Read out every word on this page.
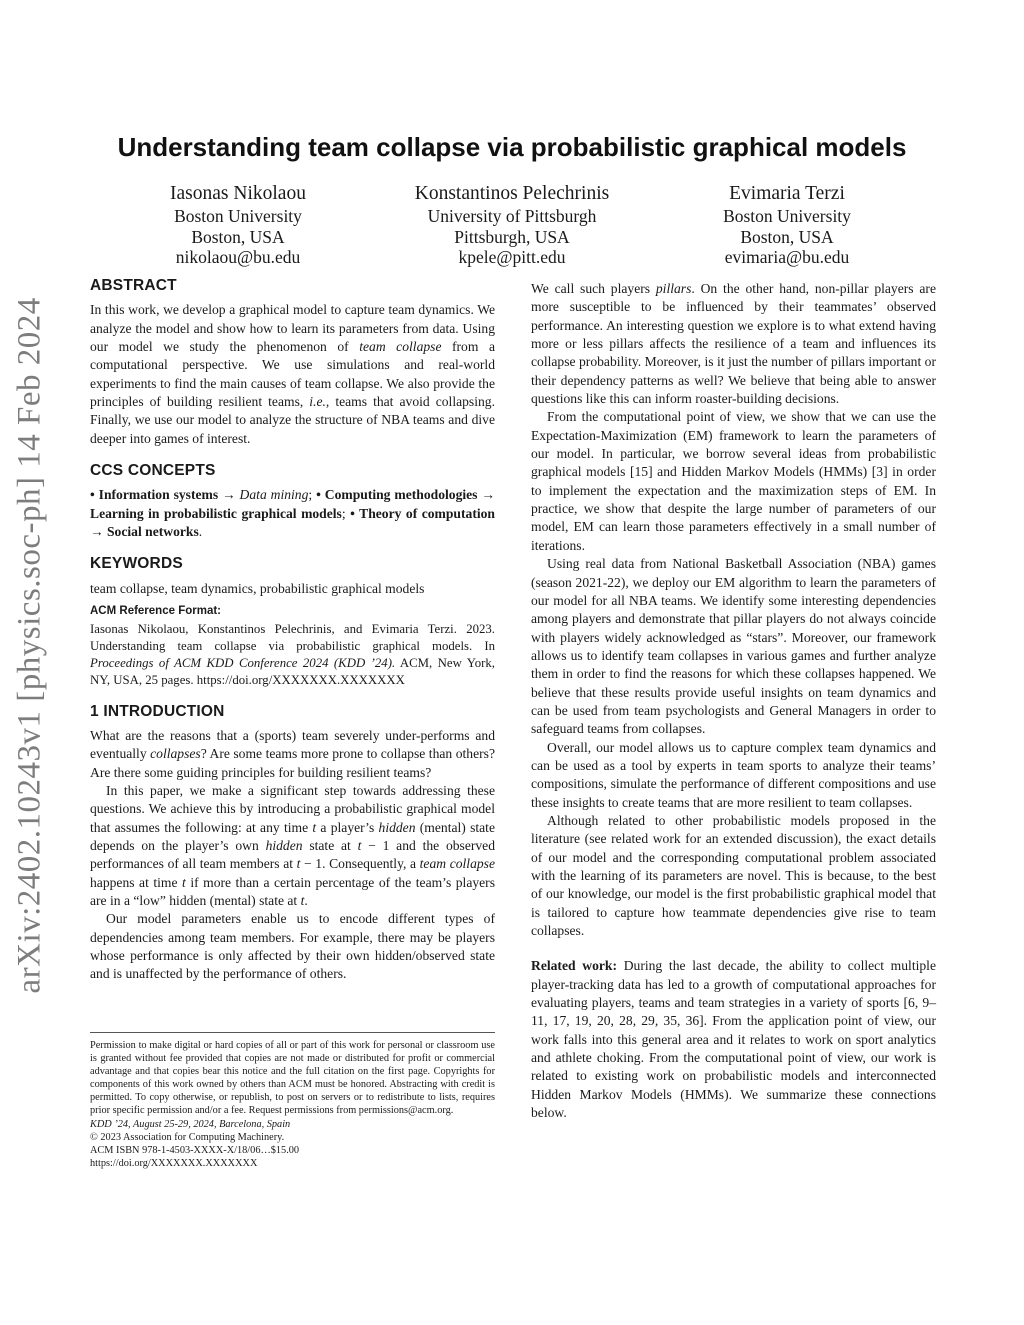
arXiv:2402.10243v1 [physics.soc-ph] 14 Feb 2024
Understanding team collapse via probabilistic graphical models
Iasonas Nikolaou
Boston University
Boston, USA
nikolaou@bu.edu
Konstantinos Pelechrinis
University of Pittsburgh
Pittsburgh, USA
kpele@pitt.edu
Evimaria Terzi
Boston University
Boston, USA
evimaria@bu.edu
ABSTRACT

In this work, we develop a graphical model to capture team dynamics. We analyze the model and show how to learn its parameters from data. Using our model we study the phenomenon of team collapse from a computational perspective. We use simulations and real-world experiments to find the main causes of team collapse. We also provide the principles of building resilient teams, i.e., teams that avoid collapsing. Finally, we use our model to analyze the structure of NBA teams and dive deeper into games of interest.

CCS CONCEPTS

• Information systems → Data mining; • Computing methodologies → Learning in probabilistic graphical models; • Theory of computation → Social networks.

KEYWORDS

team collapse, team dynamics, probabilistic graphical models

ACM Reference Format:

Iasonas Nikolaou, Konstantinos Pelechrinis, and Evimaria Terzi. 2023. Understanding team collapse via probabilistic graphical models. In Proceedings of ACM KDD Conference 2024 (KDD ’24). ACM, New York, NY, USA, 25 pages. https://doi.org/XXXXXXX.XXXXXXX

1 INTRODUCTION

What are the reasons that a (sports) team severely under-performs and eventually collapses? Are some teams more prone to collapse than others? Are there some guiding principles for building resilient teams?

In this paper, we make a significant step towards addressing these questions. We achieve this by introducing a probabilistic graphical model that assumes the following: at any time t a player’s hidden (mental) state depends on the player’s own hidden state at t − 1 and the observed performances of all team members at t − 1. Consequently, a team collapse happens at time t if more than a certain percentage of the team’s players are in a “low” hidden (mental) state at t.

Our model parameters enable us to encode different types of dependencies among team members. For example, there may be players whose performance is only affected by their own hidden/observed state and is unaffected by the performance of others.

Permission to make digital or hard copies of all or part of this work for personal or classroom use is granted without fee provided that copies are not made or distributed for profit or commercial advantage and that copies bear this notice and the full citation on the first page. Copyrights for components of this work owned by others than ACM must be honored. Abstracting with credit is permitted. To copy otherwise, or republish, to post on servers or to redistribute to lists, requires prior specific permission and/or a fee. Request permissions from permissions@acm.org.
KDD ’24, August 25-29, 2024, Barcelona, Spain
© 2023 Association for Computing Machinery.
ACM ISBN 978-1-4503-XXXX-X/18/06…$15.00
https://doi.org/XXXXXXX.XXXXXXX

We call such players pillars. On the other hand, non-pillar players are more susceptible to be influenced by their teammates’ observed performance. An interesting question we explore is to what extend having more or less pillars affects the resilience of a team and influences its collapse probability. Moreover, is it just the number of pillars important or their dependency patterns as well? We believe that being able to answer questions like this can inform roaster-building decisions.

From the computational point of view, we show that we can use the Expectation-Maximization (EM) framework to learn the parameters of our model. In particular, we borrow several ideas from probabilistic graphical models [15] and Hidden Markov Models (HMMs) [3] in order to implement the expectation and the maximization steps of EM. In practice, we show that despite the large number of parameters of our model, EM can learn those parameters effectively in a small number of iterations.

Using real data from National Basketball Association (NBA) games (season 2021-22), we deploy our EM algorithm to learn the parameters of our model for all NBA teams. We identify some interesting dependencies among players and demonstrate that pillar players do not always coincide with players widely acknowledged as “stars”. Moreover, our framework allows us to identify team collapses in various games and further analyze them in order to find the reasons for which these collapses happened. We believe that these results provide useful insights on team dynamics and can be used from team psychologists and General Managers in order to safeguard teams from collapses.

Overall, our model allows us to capture complex team dynamics and can be used as a tool by experts in team sports to analyze their teams’ compositions, simulate the performance of different compositions and use these insights to create teams that are more resilient to team collapses.

Although related to other probabilistic models proposed in the literature (see related work for an extended discussion), the exact details of our model and the corresponding computational problem associated with the learning of its parameters are novel. This is because, to the best of our knowledge, our model is the first probabilistic graphical model that is tailored to capture how teammate dependencies give rise to team collapses.

Related work: During the last decade, the ability to collect multiple player-tracking data has led to a growth of computational approaches for evaluating players, teams and team strategies in a variety of sports [6, 9–11, 17, 19, 20, 28, 29, 35, 36]. From the application point of view, our work falls into this general area and it relates to work on sport analytics and athlete choking. From the computational point of view, our work is related to existing work on probabilistic models and interconnected Hidden Markov Models (HMMs). We summarize these connections below.
